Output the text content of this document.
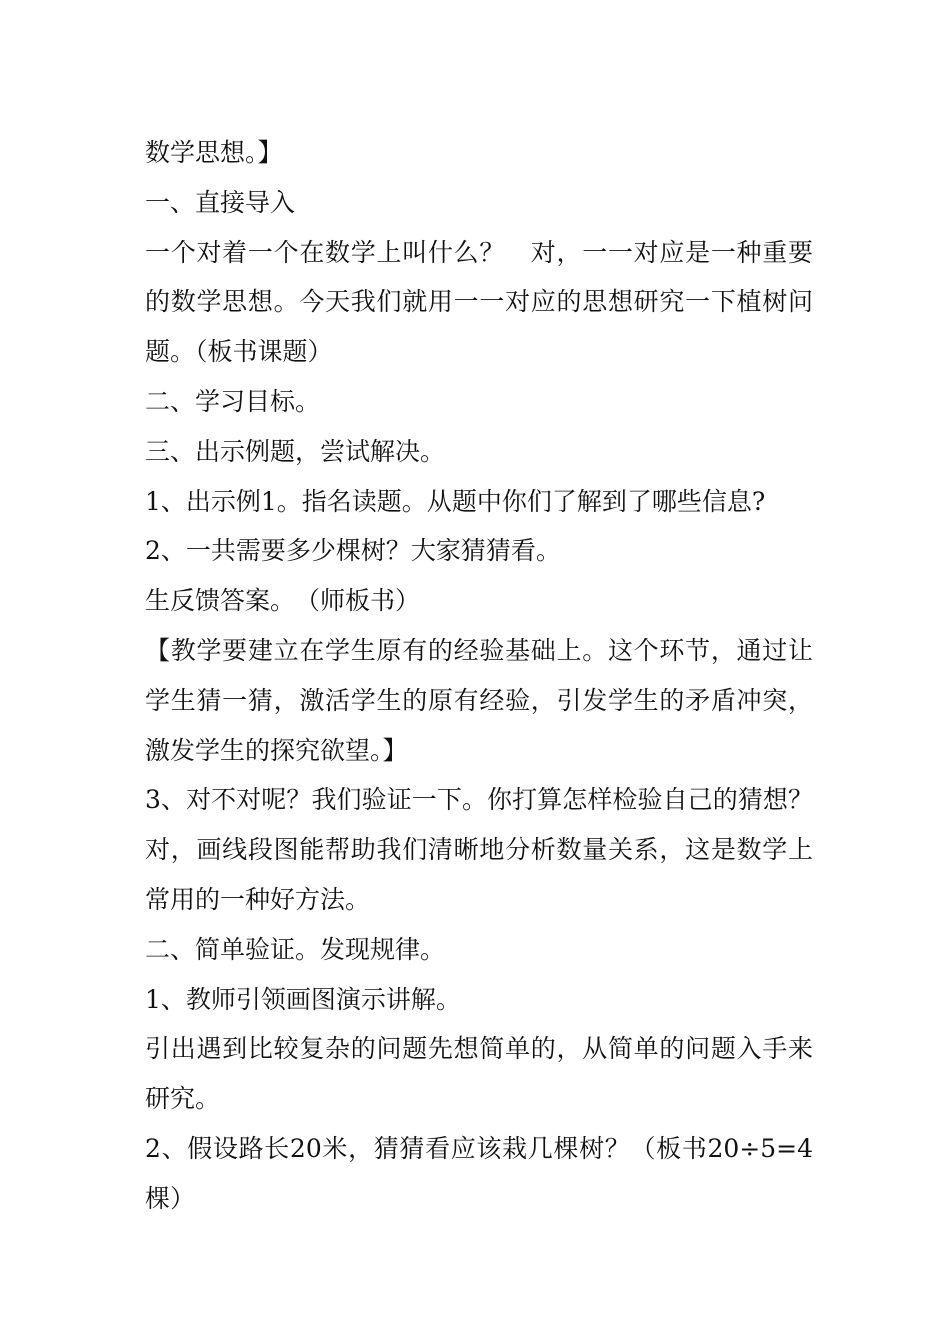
数学思想。】

一、直接导入

一个对着一个在数学上叫什么？　对，一一对应是一种重要的数学思想。今天我们就用一一对应的思想研究一下植树问题。（板书课题）

二、学习目标。

三、出示例题，尝试解决。

1、出示例1。指名读题。从题中你们了解到了哪些信息?

2、一共需要多少棵树？大家猜猜看。

生反馈答案。　（师板书）

【教学要建立在学生原有的经验基础上。这个环节，通过让学生猜一猜，激活学生的原有经验，引发学生的矛盾冲突，激发学生的探究欲望。】

3、对不对呢？我们验证一下。你打算怎样检验自己的猜想？对，画线段图能帮助我们清晰地分析数量关系，这是数学上常用的一种好方法。

二、简单验证。发现规律。

1、教师引领画图演示讲解。

引出遇到比较复杂的问题先想简单的，从简单的问题入手来研究。

2、假设路长20米，猜猜看应该栽几棵树？（板书20÷5=4棵）
